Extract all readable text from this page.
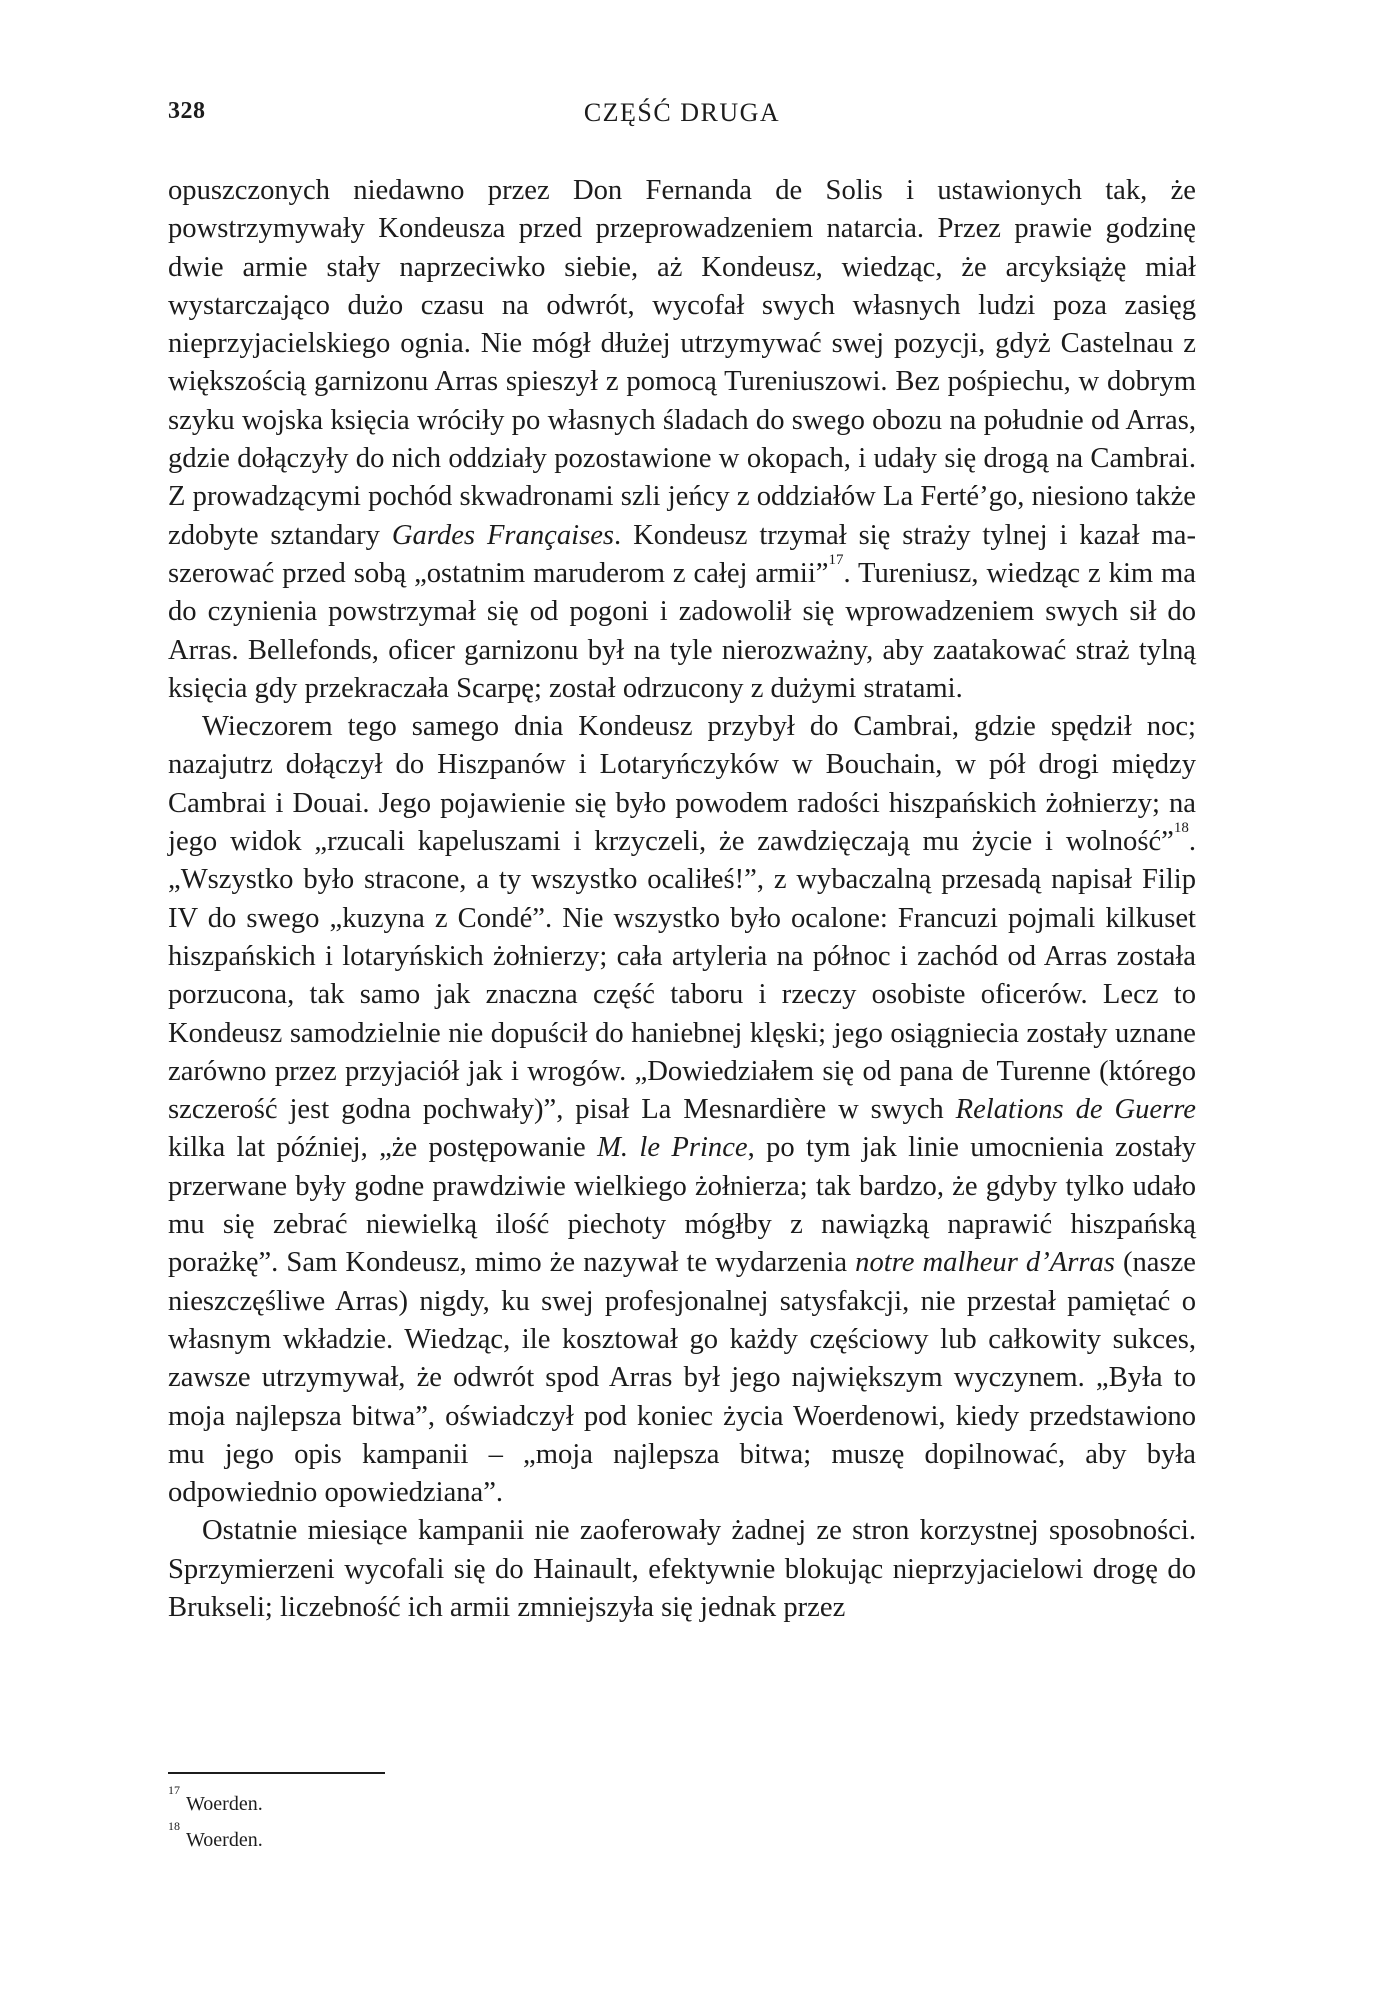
328	CZĘŚĆ DRUGA

opuszczonych niedawno przez Don Fernanda de Solis i ustawionych tak, że powstrzymywały Kondeusza przed przeprowadzeniem natarcia. Przez prawie godzinę dwie armie stały naprzeciwko siebie, aż Kondeusz, wiedząc, że arcyksiążę miał wystarczająco dużo czasu na odwrót, wycofał swych własnych ludzi poza zasięg nieprzyjacielskiego ognia. Nie mógł dłużej utrzymywać swej pozycji, gdyż Castelnau z większością garnizonu Arras spieszył z pomocą Tureniuszowi. Bez pośpiechu, w dobrym szyku wojska księcia wróciły po własnych śladach do swego obozu na południe od Arras, gdzie dołączyły do nich oddziały pozostawione w okopach, i udały się drogą na Cambrai. Z prowadzącymi pochód skwadronami szli jeńcy z oddziałów La Ferté’go, niesiono także zdobyte sztandary Gardes Françaises. Kondeusz trzymał się straży tylnej i kazał maszerować przed sobą „ostatnim maruderom z całej armii”$^{17}$. Tureniusz, wiedząc z kim ma do czynienia powstrzymał się od pogoni i zadowolił się wprowadzeniem swych sił do Arras. Bellefonds, oficer garnizonu był na tyle nierozważny, aby zaatakować straż tylną księcia gdy przekraczała Scarpę; został odrzucony z dużymi stratami.

Wieczorem tego samego dnia Kondeusz przybył do Cambrai, gdzie spędził noc; nazajutrz dołączył do Hiszpanów i Lotaryńczyków w Bouchain, w pół drogi między Cambrai i Douai. Jego pojawienie się było powodem radości hiszpańskich żołnierzy; na jego widok „rzucali kapeluszami i krzyczeli, że zawdzięczają mu życie i wolność”$^{18}$. „Wszystko było stracone, a ty wszystko ocaliłeś!”, z wybaczalną przesadą napisał Filip IV do swego „kuzyna z Condé”. Nie wszystko było ocalone: Francuzi pojmali kilkuset hiszpańskich i lotaryńskich żołnierzy; cała artyleria na północ i zachód od Arras została porzucona, tak samo jak znaczna część taboru i rzeczy osobiste oficerów. Lecz to Kondeusz samodzielnie nie dopuścił do haniebnej klęski; jego osiągniecia zostały uznane zarówno przez przyjaciół jak i wrogów. „Dowiedziałem się od pana de Turenne (którego szczerość jest godna pochwały)”, pisał La Mesnardière w swych Relations de Guerre kilka lat później, „że postępowanie M. le Prince, po tym jak linie umocnienia zostały przerwane były godne prawdziwie wielkiego żołnierza; tak bardzo, że gdyby tylko udało mu się zebrać niewielką ilość piechoty mógłby z nawiązką naprawić hiszpańską porażkę”. Sam Kondeusz, mimo że nazywał te wydarzenia notre malheur d’Arras (nasze nieszczęśliwe Arras) nigdy, ku swej profesjonalnej satysfakcji, nie przestał pamiętać o własnym wkładzie. Wiedząc, ile kosztował go każdy częściowy lub całkowity sukces, zawsze utrzymywał, że odwrót spod Arras był jego największym wyczynem. „Była to moja najlepsza bitwa”, oświadczył pod koniec życia Woerdenowi, kiedy przedstawiono mu jego opis kampanii – „moja najlepsza bitwa; muszę dopilnować, aby była odpowiednio opowiedziana”.

Ostatnie miesiące kampanii nie zaoferowały żadnej ze stron korzystnej sposobności. Sprzymierzeni wycofali się do Hainault, efektywnie blokując nieprzyjacielowi drogę do Brukseli; liczebność ich armii zmniejszyła się jednak przez

$^{17}$Woerden.
$^{18}$Woerden.
